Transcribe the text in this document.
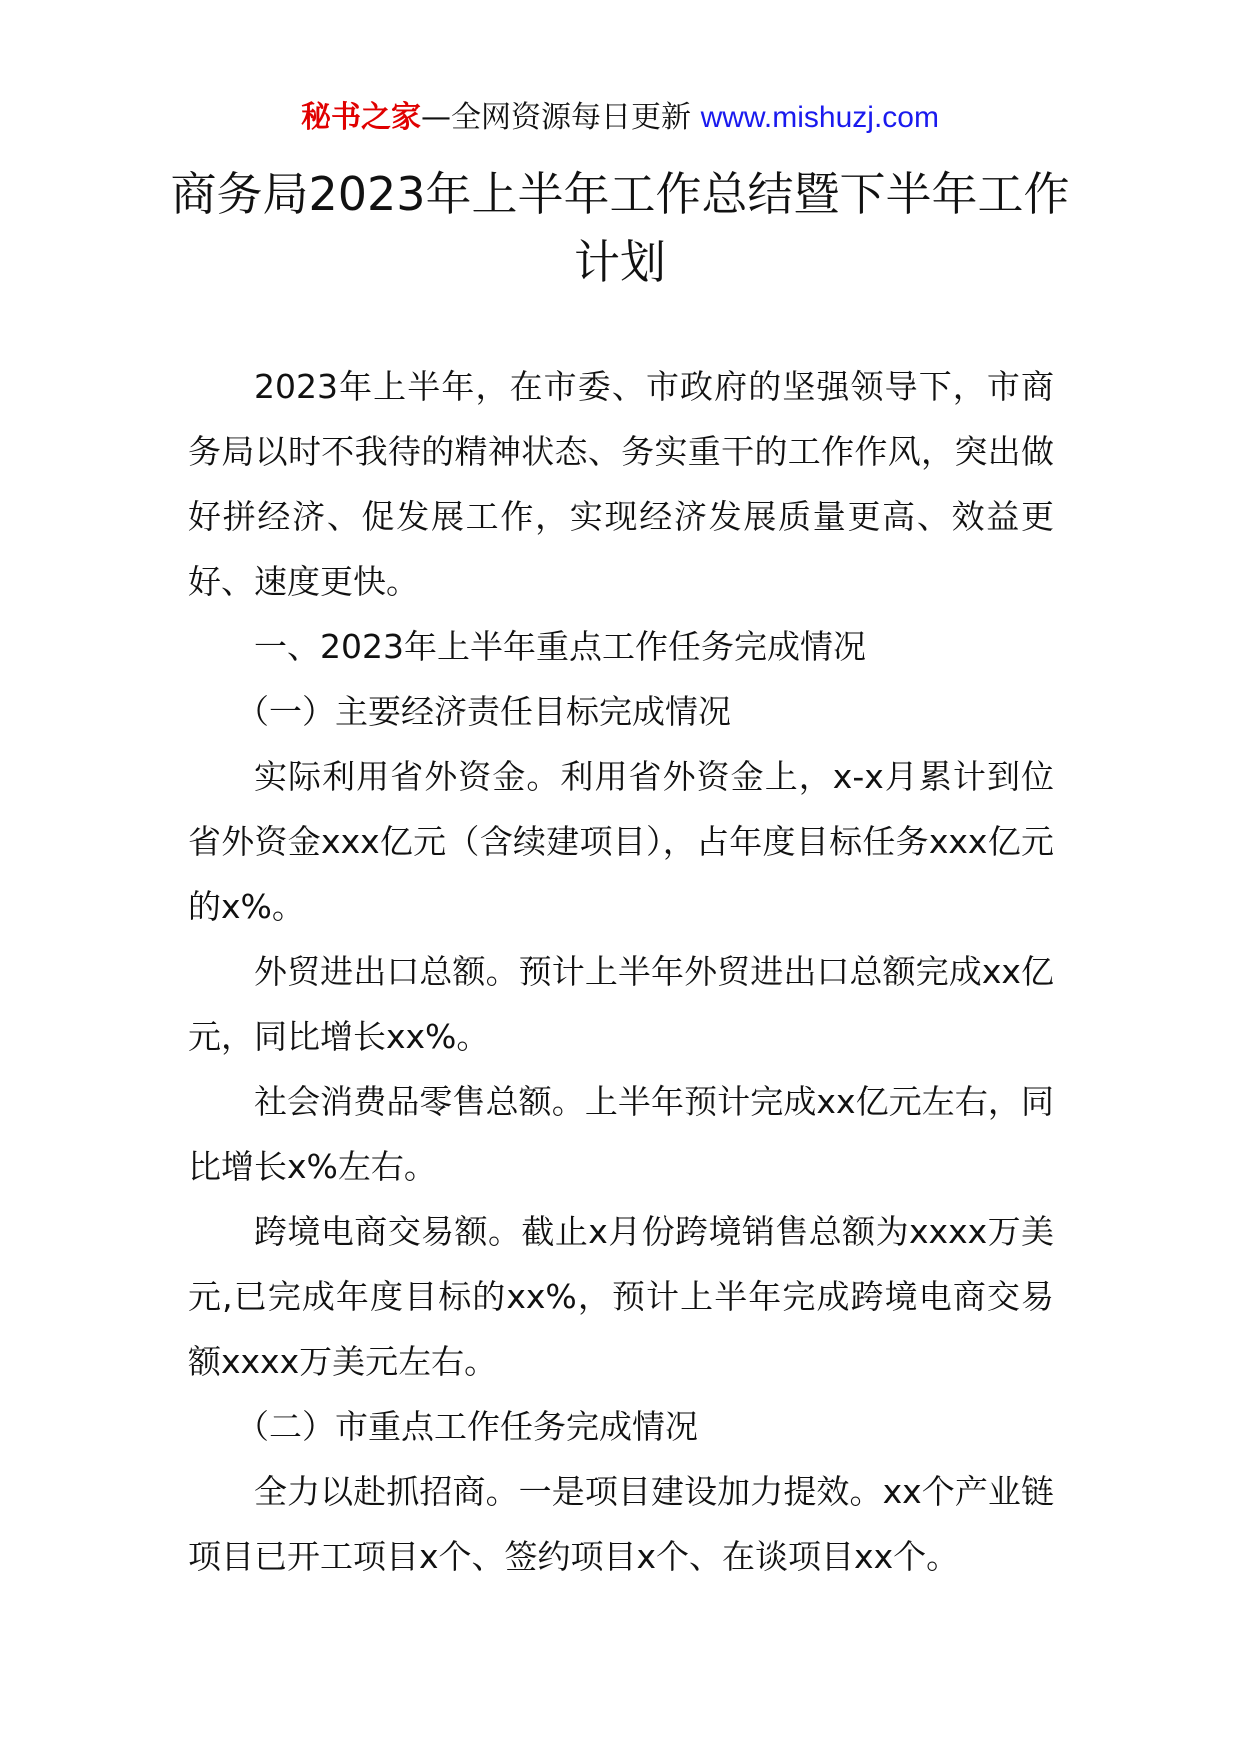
秘书之家—全网资源每日更新 www.mishuzj.com
商务局2023年上半年工作总结暨下半年工作计划

2023年上半年，在市委、市政府的坚强领导下，市商务局以时不我待的精神状态、务实重干的工作作风，突出做好拼经济、促发展工作，实现经济发展质量更高、效益更好、速度更快。

一、2023年上半年重点工作任务完成情况

（一）主要经济责任目标完成情况

实际利用省外资金。利用省外资金上，x-x月累计到位省外资金xxx亿元（含续建项目），占年度目标任务xxx亿元的x%。

外贸进出口总额。预计上半年外贸进出口总额完成xx亿元，同比增长xx%。

社会消费品零售总额。上半年预计完成xx亿元左右，同比增长x%左右。

跨境电商交易额。截止x月份跨境销售总额为xxxx万美元,已完成年度目标的xx%，预计上半年完成跨境电商交易额xxxx万美元左右。

（二）市重点工作任务完成情况

全力以赴抓招商。一是项目建设加力提效。xx个产业链项目已开工项目x个、签约项目x个、在谈项目xx个。
